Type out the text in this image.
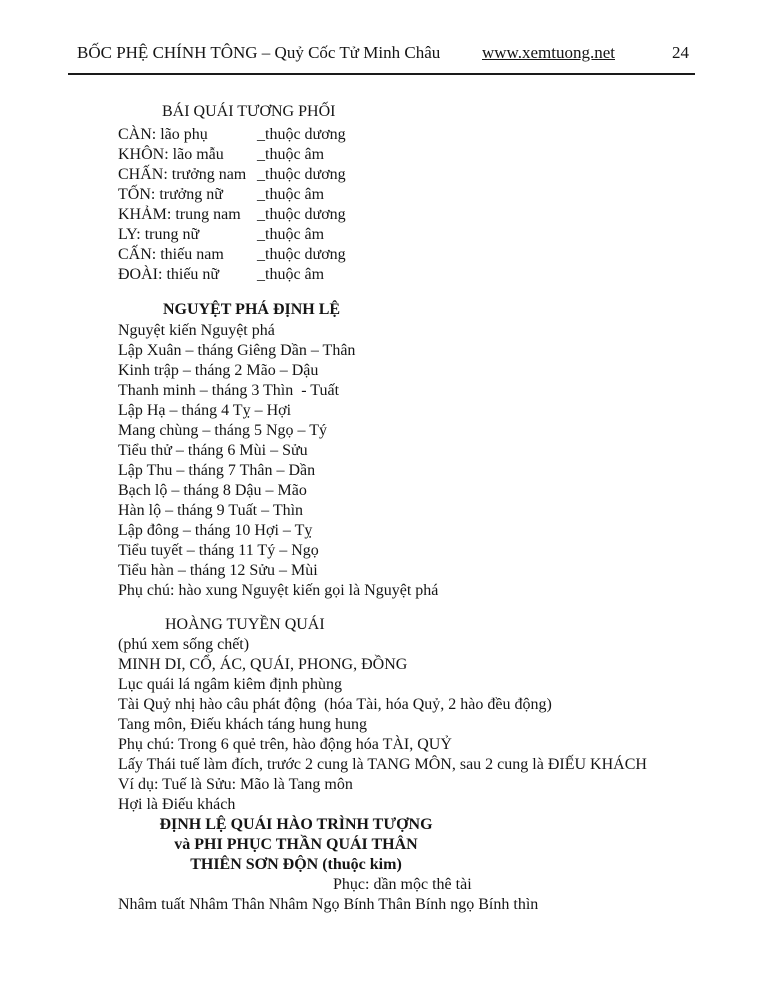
BỐC PHỆ CHÍNH TÔNG – Quỷ Cốc Tử Minh Châu www.xemtuong.net	24
BÁI QUÁI TƯƠNG PHỐI
CÀN: lão phụ	_thuộc dương
KHÔN: lão mẫu	_thuộc âm
CHẤN: trưởng nam _thuộc dương
TỐN: trưởng nữ	_thuộc âm
KHẢM: trung nam	_thuộc dương
LY: trung nữ	_thuộc âm
CẤN: thiếu nam	_thuộc dương
ĐOÀI: thiếu nữ	_thuộc âm
NGUYỆT PHÁ ĐỊNH LỆ
Nguyệt kiến Nguyệt phá
Lập Xuân – tháng Giêng Dần – Thân
Kinh trập – tháng 2 Mão – Dậu
Thanh minh – tháng 3 Thìn  - Tuất
Lập Hạ – tháng 4 Tỵ – Hợi
Mang chùng – tháng 5 Ngọ – Tý
Tiểu thử – tháng 6 Mùi – Sửu
Lập Thu – tháng 7 Thân – Dần
Bạch lộ – tháng 8 Dậu – Mão
Hàn lộ – tháng 9 Tuất – Thìn
Lập đông – tháng 10 Hợi – Tỵ
Tiểu tuyết – tháng 11 Tý – Ngọ
Tiểu hàn – tháng 12 Sửu – Mùi
Phụ chú: hào xung Nguyệt kiến gọi là Nguyệt phá
HOÀNG TUYỀN QUÁI
(phú xem sống chết)
MINH DI, CỔ, ÁC, QUÁI, PHONG, ĐỒNG
Lục quái lá ngâm kiêm định phùng
Tài Quỷ nhị hào câu phát động  (hóa Tài, hóa Quỷ, 2 hào đều động)
Tang môn, Điếu khách táng hung hung
Phụ chú: Trong 6 quẻ trên, hào động hóa TÀI, QUỶ
Lấy Thái tuế làm đích, trước 2 cung là TANG MÔN, sau 2 cung là ĐIẾU KHÁCH
Ví dụ: Tuế là Sửu: Mão là Tang môn
Hợi là Điếu khách
ĐỊNH LỆ QUÁI HÀO TRÌNH TƯỢNG
và PHI PHỤC THẦN QUÁI THÂN
THIÊN SƠN ĐỘN (thuộc kim)
Phục: dần mộc thê tài
Nhâm tuất Nhâm Thân Nhâm Ngọ Bính Thân Bính ngọ Bính thìn
